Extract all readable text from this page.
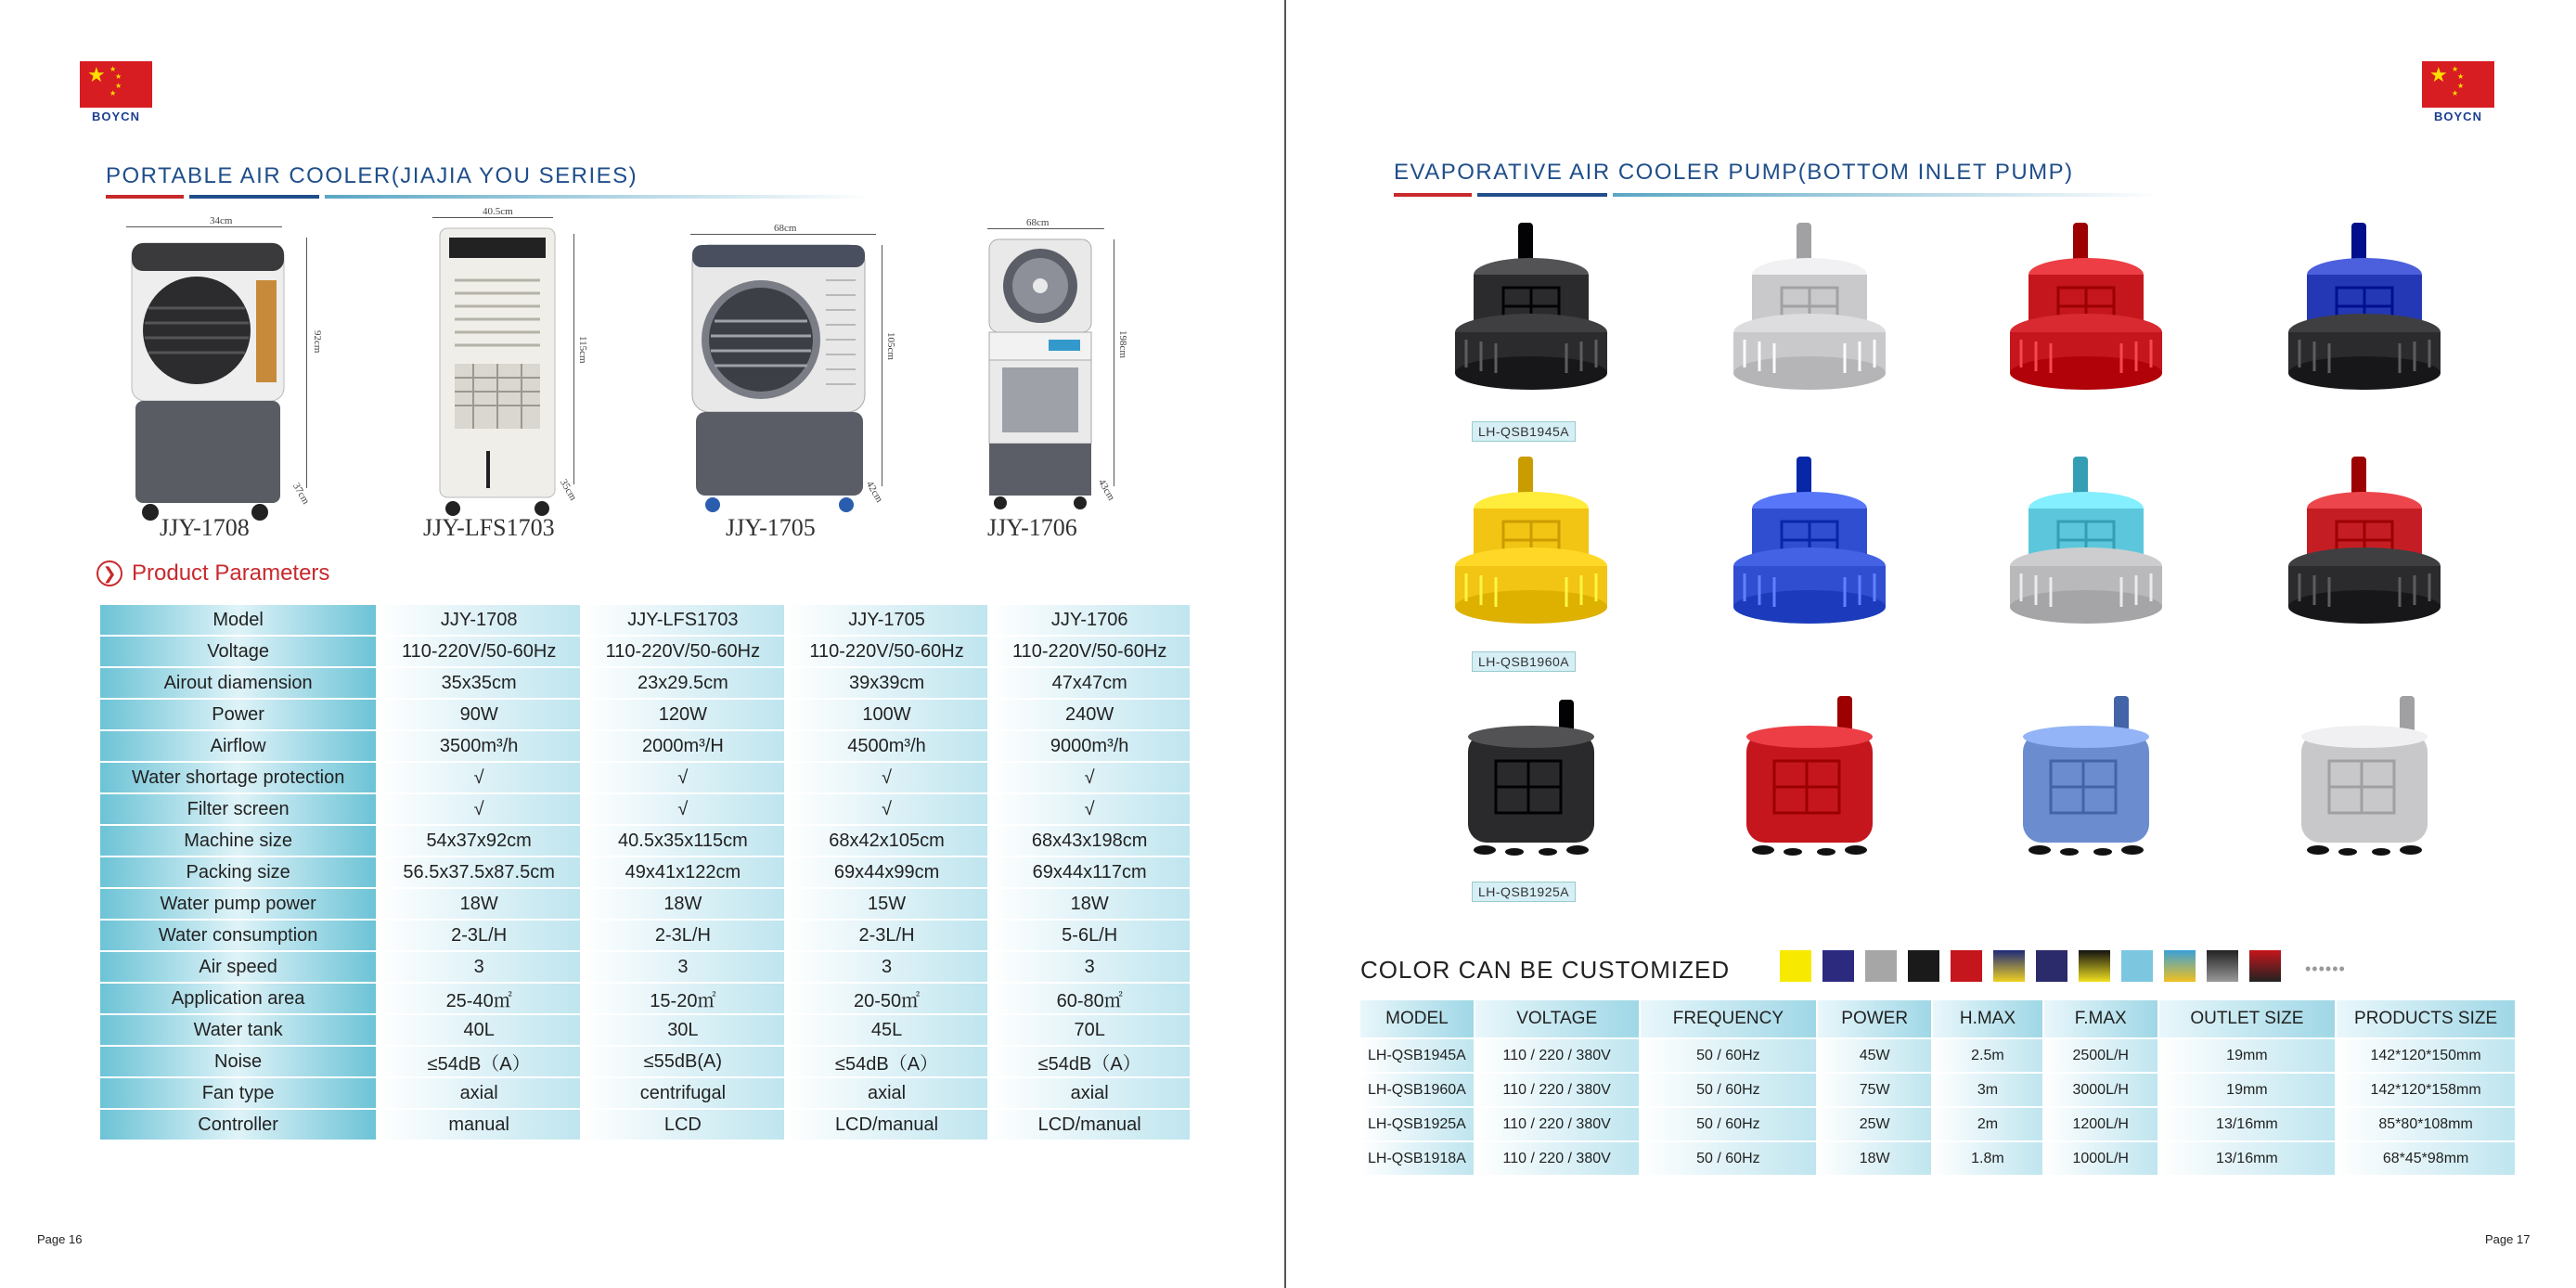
★ ★
★
★
★
BOYCN
PORTABLE AIR COOLER(JIAJIA YOU SERIES)
34cm
92cm
37cm
JJY-1708
40.5cm
115cm
35cm
JJY-LFS1703
68cm
105cm
42cm
JJY-1705
68cm
198cm
43cm
JJY-1706
❯ Product Parameters
Model	JJY-1708	JJY-LFS1703	JJY-1705	JJY-1706
Voltage	110-220V/50-60Hz	110-220V/50-60Hz	110-220V/50-60Hz	110-220V/50-60Hz
Airout diamension	35x35cm	23x29.5cm	39x39cm	47x47cm
Power	90W	120W	100W	240W
Airflow	3500m³/h	2000m³/H	4500m³/h	9000m³/h
Water shortage protection	√	√	√	√
Filter screen	√	√	√	√
Machine size	54x37x92cm	40.5x35x115cm	68x42x105cm	68x43x198cm
Packing size	56.5x37.5x87.5cm	49x41x122cm	69x44x99cm	69x44x117cm
Water pump power	18W	18W	15W	18W
Water consumption	2-3L/H	2-3L/H	2-3L/H	5-6L/H
Air speed	3	3	3	3
Application area	25-40㎡	15-20㎡	20-50㎡	60-80㎡
Water tank	40L	30L	45L	70L
Noise	≤54dB（A）	≤55dB(A)	≤54dB（A）	≤54dB（A）
Fan type	axial	centrifugal	axial	axial
Controller	manual	LCD	LCD/manual	LCD/manual
Page 16
★ ★
★
★
★
BOYCN
EVAPORATIVE AIR COOLER PUMP(BOTTOM INLET PUMP)
LH-QSB1945A
LH-QSB1960A
LH-QSB1925A
COLOR CAN BE CUSTOMIZED	••••••
MODEL	VOLTAGE	FREQUENCY	POWER	H.MAX	F.MAX	OUTLET SIZE	PRODUCTS SIZE
LH-QSB1945A	110 / 220 / 380V	50 / 60Hz	45W	2.5m	2500L/H	19mm	142*120*150mm
LH-QSB1960A	110 / 220 / 380V	50 / 60Hz	75W	3m	3000L/H	19mm	142*120*158mm
LH-QSB1925A	110 / 220 / 380V	50 / 60Hz	25W	2m	1200L/H	13/16mm	85*80*108mm
LH-QSB1918A	110 / 220 / 380V	50 / 60Hz	18W	1.8m	1000L/H	13/16mm	68*45*98mm
Page 17
